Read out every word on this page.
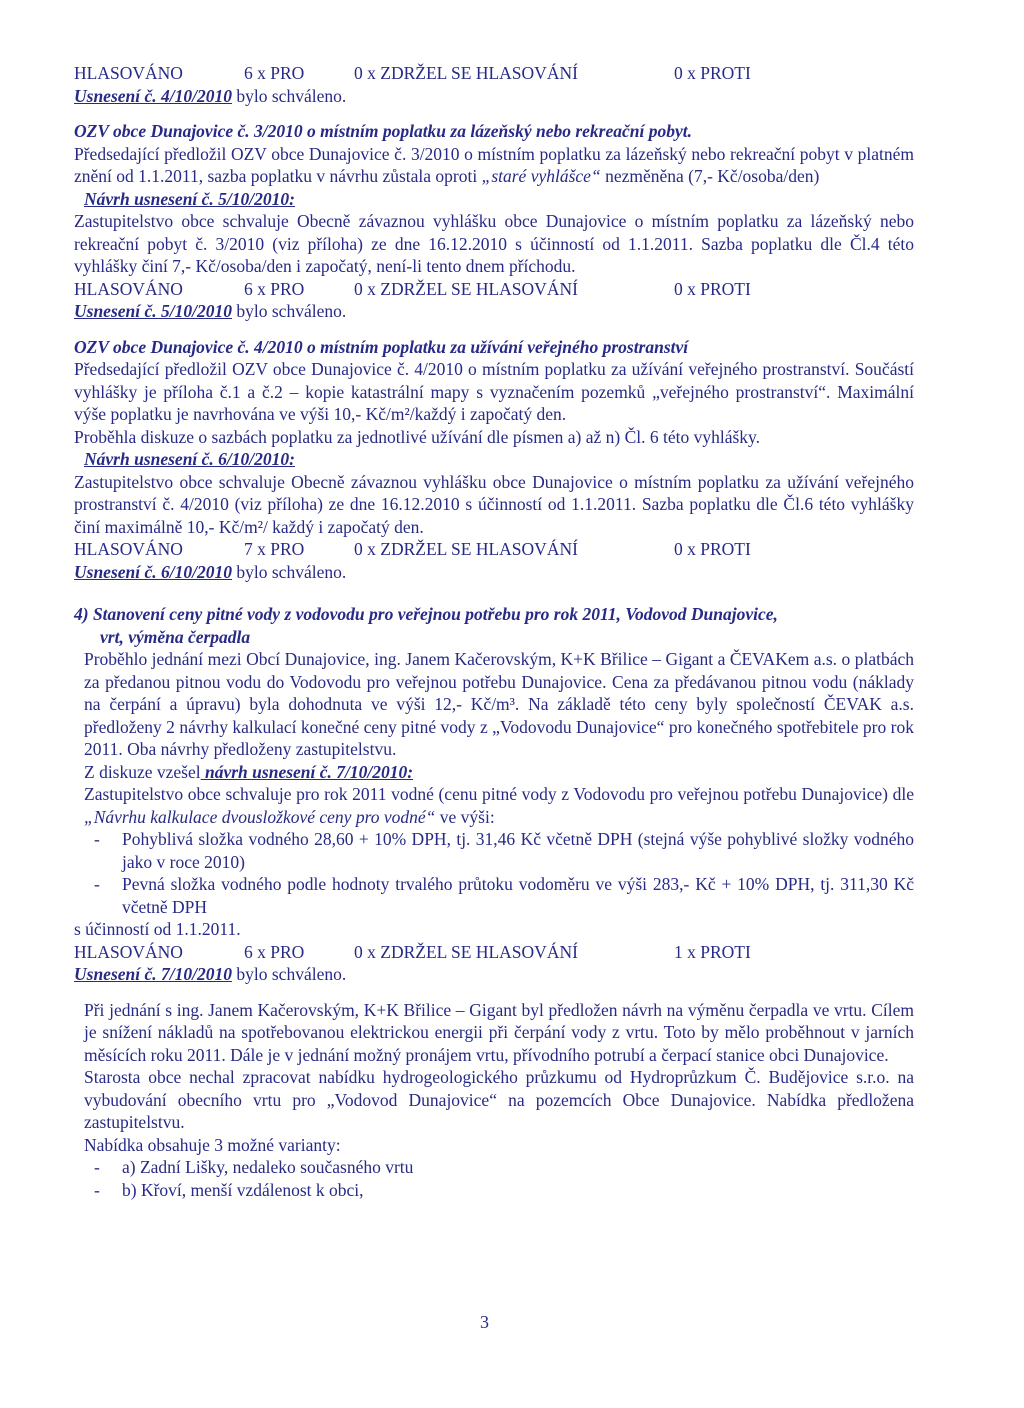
HLASOVÁNO	6 x PRO	0 x ZDRŽEL SE HLASOVÁNÍ	0 x PROTI

Usnesení č. 4/10/2010 bylo schváleno.

OZV obce Dunajovice č. 3/2010 o místním poplatku za lázeňský nebo rekreační pobyt.

Předsedající předložil OZV obce Dunajovice č. 3/2010 o místním poplatku za lázeňský nebo rekreační pobyt v platném znění od 1.1.2011, sazba poplatku v návrhu zůstala oproti „staré vyhlášce“ nezměněna (7,- Kč/osoba/den)

Návrh usnesení č. 5/10/2010:

Zastupitelstvo obce schvaluje Obecně závaznou vyhlášku obce Dunajovice o místním poplatku za lázeňský nebo rekreační pobyt č. 3/2010 (viz příloha) ze dne 16.12.2010 s účinností od 1.1.2011. Sazba poplatku dle Čl.4 této vyhlášky činí 7,- Kč/osoba/den i započatý, není-li tento dnem příchodu.

HLASOVÁNO	6 x PRO	0 x ZDRŽEL SE HLASOVÁNÍ	0 x PROTI

Usnesení č. 5/10/2010 bylo schváleno.

OZV obce Dunajovice č. 4/2010 o místním poplatku za užívání veřejného prostranství

Předsedající předložil OZV obce Dunajovice č. 4/2010 o místním poplatku za užívání veřejného prostranství. Součástí vyhlášky je příloha č.1 a č.2 – kopie katastrální mapy s vyznačením pozemků „veřejného prostranství“. Maximální výše poplatku je navrhována ve výši 10,- Kč/m²/každý i započatý den.

Proběhla diskuze o sazbách poplatku za jednotlivé užívání dle písmen a) až n) Čl. 6 této vyhlášky.

Návrh usnesení č. 6/10/2010:

Zastupitelstvo obce schvaluje Obecně závaznou vyhlášku obce Dunajovice o místním poplatku za užívání veřejného prostranství č. 4/2010 (viz příloha) ze dne 16.12.2010 s účinností od 1.1.2011. Sazba poplatku dle Čl.6 této vyhlášky činí maximálně 10,- Kč/m²/ každý i započatý den.

HLASOVÁNO	7 x PRO	0 x ZDRŽEL SE HLASOVÁNÍ	0 x PROTI

Usnesení č. 6/10/2010 bylo schváleno.

4) Stanovení ceny pitné vody z vodovodu pro veřejnou potřebu pro rok 2011, Vodovod Dunajovice,

vrt, výměna čerpadla

Proběhlo jednání mezi Obcí Dunajovice, ing. Janem Kačerovským, K+K Břilice – Gigant a ČEVAKem a.s. o platbách za předanou pitnou vodu do Vodovodu pro veřejnou potřebu Dunajovice. Cena za předávanou pitnou vodu (náklady na čerpání a úpravu) byla dohodnuta ve výši 12,- Kč/m³. Na základě této ceny byly společností ČEVAK a.s. předloženy 2 návrhy kalkulací konečné ceny pitné vody z „Vodovodu Dunajovice“ pro konečného spotřebitele pro rok 2011. Oba návrhy předloženy zastupitelstvu.

Z diskuze vzešel návrh usnesení č. 7/10/2010:

Zastupitelstvo obce schvaluje pro rok 2011 vodné (cenu pitné vody z Vodovodu pro veřejnou potřebu Dunajovice) dle „Návrhu kalkulace dvousložkové ceny pro vodné“ ve výši:

-	Pohyblivá složka vodného 28,60 + 10% DPH, tj. 31,46 Kč včetně DPH (stejná výše pohyblivé složky vodného jako v roce 2010)
-	Pevná složka vodného podle hodnoty trvalého průtoku vodoměru ve výši 283,- Kč + 10% DPH, tj. 311,30 Kč včetně DPH

s účinností od 1.1.2011.

HLASOVÁNO	6 x PRO	0 x ZDRŽEL SE HLASOVÁNÍ	1 x PROTI

Usnesení č. 7/10/2010 bylo schváleno.

Při jednání s ing. Janem Kačerovským, K+K Břilice – Gigant byl předložen návrh na výměnu čerpadla ve vrtu. Cílem je snížení nákladů na spotřebovanou elektrickou energii při čerpání vody z vrtu. Toto by mělo proběhnout v jarních měsících roku 2011. Dále je v jednání možný pronájem vrtu, přívodního potrubí a čerpací stanice obci Dunajovice.

Starosta obce nechal zpracovat nabídku hydrogeologického průzkumu od Hydroprůzkum Č. Budějovice s.r.o. na vybudování obecního vrtu pro „Vodovod Dunajovice“ na pozemcích Obce Dunajovice. Nabídka předložena zastupitelstvu.

Nabídka obsahuje 3 možné varianty:

-	a) Zadní Lišky, nedaleko současného vrtu
-	b) Křoví, menší vzdálenost k obci,
3
